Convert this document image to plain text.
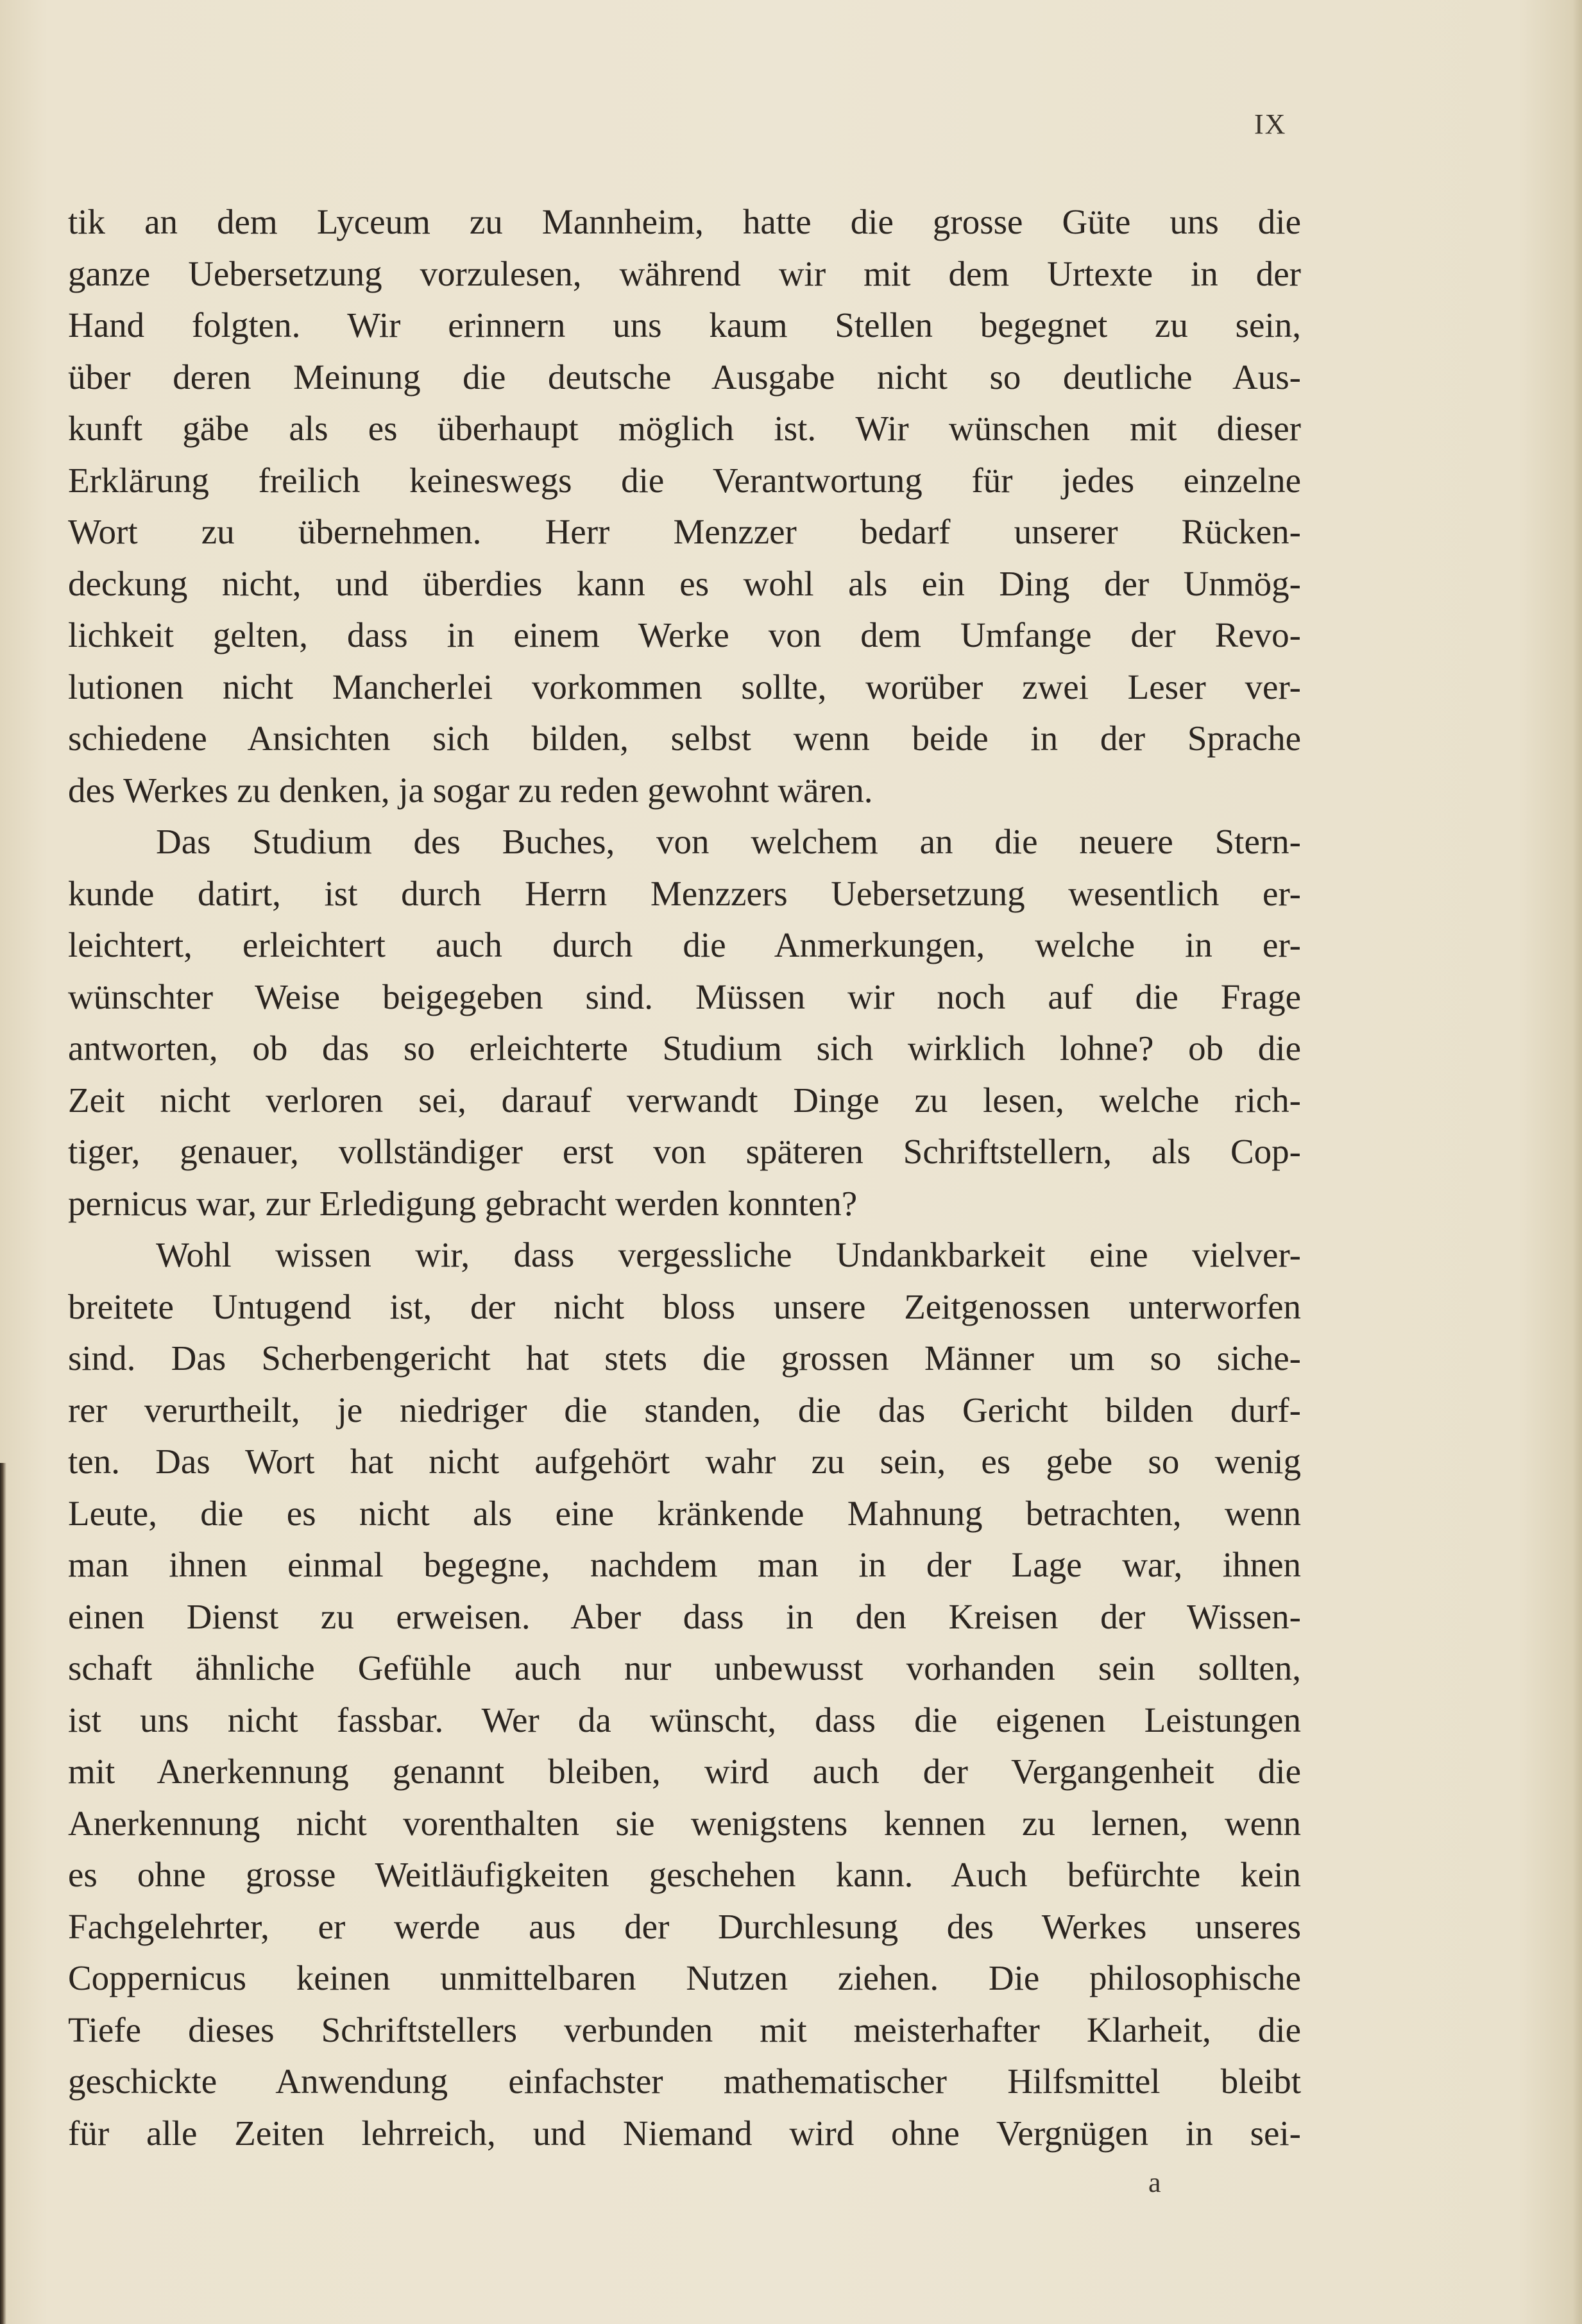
IX
tik an dem Lyceum zu Mannheim, hatte die grosse Güte uns die
ganze Uebersetzung vorzulesen, während wir mit dem Urtexte in der
Hand folgten. Wir erinnern uns kaum Stellen begegnet zu sein,
über deren Meinung die deutsche Ausgabe nicht so deutliche Aus-
kunft gäbe als es überhaupt möglich ist. Wir wünschen mit dieser
Erklärung freilich keineswegs die Verantwortung für jedes einzelne
Wort zu übernehmen. Herr Menzzer bedarf unserer Rücken-
deckung nicht, und überdies kann es wohl als ein Ding der Unmög-
lichkeit gelten, dass in einem Werke von dem Umfange der Revo-
lutionen nicht Mancherlei vorkommen sollte, worüber zwei Leser ver-
schiedene Ansichten sich bilden, selbst wenn beide in der Sprache
des Werkes zu denken, ja sogar zu reden gewohnt wären.
Das Studium des Buches, von welchem an die neuere Stern-
kunde datirt, ist durch Herrn Menzzers Uebersetzung wesentlich er-
leichtert, erleichtert auch durch die Anmerkungen, welche in er-
wünschter Weise beigegeben sind. Müssen wir noch auf die Frage
antworten, ob das so erleichterte Studium sich wirklich lohne? ob die
Zeit nicht verloren sei, darauf verwandt Dinge zu lesen, welche rich-
tiger, genauer, vollständiger erst von späteren Schriftstellern, als Cop-
pernicus war, zur Erledigung gebracht werden konnten?
Wohl wissen wir, dass vergessliche Undankbarkeit eine vielver-
breitete Untugend ist, der nicht bloss unsere Zeitgenossen unterworfen
sind. Das Scherbengericht hat stets die grossen Männer um so siche-
rer verurtheilt, je niedriger die standen, die das Gericht bilden durf-
ten. Das Wort hat nicht aufgehört wahr zu sein, es gebe so wenig
Leute, die es nicht als eine kränkende Mahnung betrachten, wenn
man ihnen einmal begegne, nachdem man in der Lage war, ihnen
einen Dienst zu erweisen. Aber dass in den Kreisen der Wissen-
schaft ähnliche Gefühle auch nur unbewusst vorhanden sein sollten,
ist uns nicht fassbar. Wer da wünscht, dass die eigenen Leistungen
mit Anerkennung genannt bleiben, wird auch der Vergangenheit die
Anerkennung nicht vorenthalten sie wenigstens kennen zu lernen, wenn
es ohne grosse Weitläufigkeiten geschehen kann. Auch befürchte kein
Fachgelehrter, er werde aus der Durchlesung des Werkes unseres
Coppernicus keinen unmittelbaren Nutzen ziehen. Die philosophische
Tiefe dieses Schriftstellers verbunden mit meisterhafter Klarheit, die
geschickte Anwendung einfachster mathematischer Hilfsmittel bleibt
für alle Zeiten lehrreich, und Niemand wird ohne Vergnügen in sei-
a
